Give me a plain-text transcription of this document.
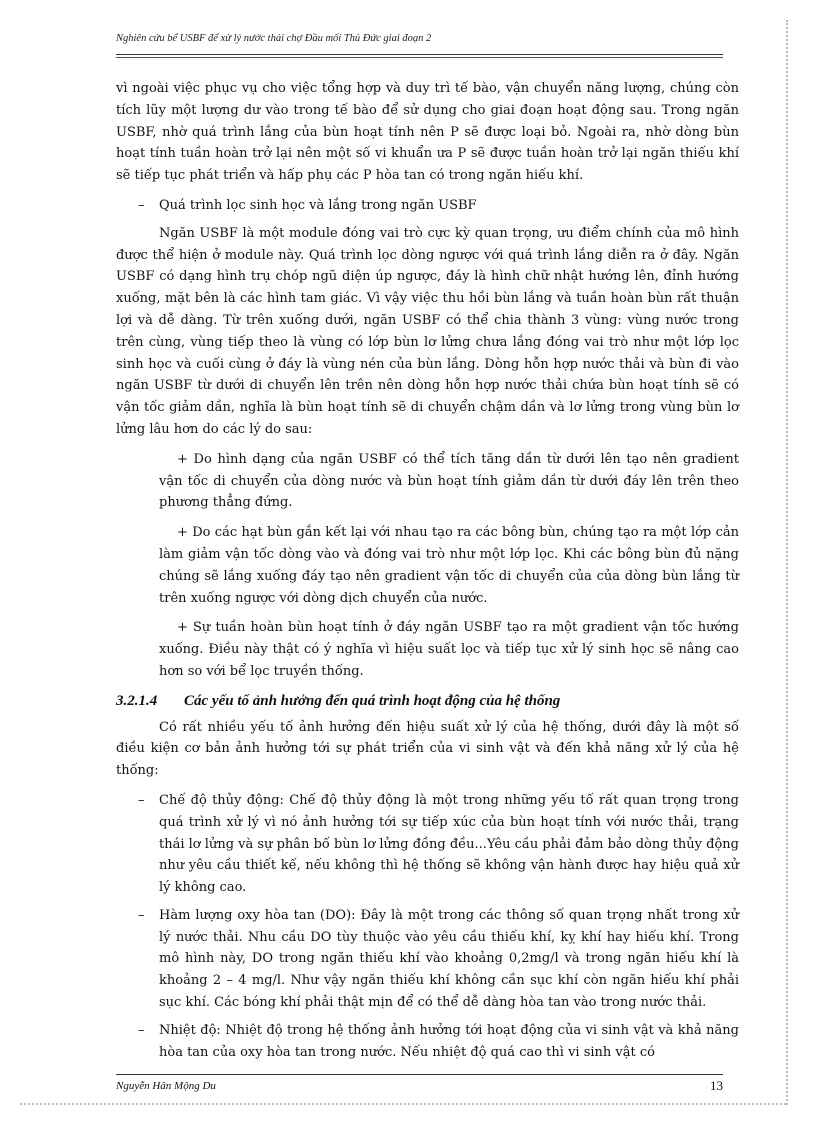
Nghiên cứu bể USBF để xử lý nước thải chợ Đầu mối Thủ Đức giai đoạn 2

vì ngoài việc phục vụ cho việc tổng hợp và duy trì tế bào, vận chuyển năng lượng, chúng còn tích lũy một lượng dư vào trong tế bào để sử dụng cho giai đoạn hoạt động sau. Trong ngăn USBF, nhờ quá trình lắng của bùn hoạt tính nên P sẽ được loại bỏ. Ngoài ra, nhờ dòng bùn hoạt tính tuần hoàn trở lại nên một số vi khuẩn ưa P sẽ được tuần hoàn trở lại ngăn thiếu khí sẽ tiếp tục phát triển và hấp phụ các P hòa tan có trong ngăn hiếu khí.

– Quá trình lọc sinh học và lắng trong ngăn USBF

Ngăn USBF là một module đóng vai trò cực kỳ quan trọng, ưu điểm chính của mô hình được thể hiện ở module này. Quá trình lọc dòng ngược với quá trình lắng diễn ra ở đây. Ngăn USBF có dạng hình trụ chóp ngũ diện úp ngược, đáy là hình chữ nhật hướng lên, đỉnh hướng xuống, mặt bên là các hình tam giác. Vì vậy việc thu hồi bùn lắng và tuần hoàn bùn rất thuận lợi và dễ dàng. Từ trên xuống dưới, ngăn USBF có thể chia thành 3 vùng: vùng nước trong trên cùng, vùng tiếp theo là vùng có lớp bùn lơ lửng chưa lắng đóng vai trò như một lớp lọc sinh học và cuối cùng ở đáy là vùng nén của bùn lắng. Dòng hỗn hợp nước thải và bùn đi vào ngăn USBF từ dưới di chuyển lên trên nên dòng hỗn hợp nước thải chứa bùn hoạt tính sẽ có vận tốc giảm dần, nghĩa là bùn hoạt tính sẽ di chuyển chậm dần và lơ lửng trong vùng bùn lơ lửng lâu hơn do các lý do sau:

+ Do hình dạng của ngăn USBF có thể tích tăng dần từ dưới lên tạo nên gradient vận tốc di chuyển của dòng nước và bùn hoạt tính giảm dần từ dưới đáy lên trên theo phương thẳng đứng.

+ Do các hạt bùn gắn kết lại với nhau tạo ra các bông bùn, chúng tạo ra một lớp cản làm giảm vận tốc dòng vào và đóng vai trò như một lớp lọc. Khi các bông bùn đủ nặng chúng sẽ lắng xuống đáy tạo nên gradient vận tốc di chuyển của của dòng bùn lắng từ trên xuống ngược với dòng dịch chuyển của nước.

+ Sự tuần hoàn bùn hoạt tính ở đáy ngăn USBF tạo ra một gradient vận tốc hướng xuống. Điều này thật có ý nghĩa vì hiệu suất lọc và tiếp tục xử lý sinh học sẽ nâng cao hơn so với bể lọc truyền thống.

3.2.1.4 Các yếu tố ảnh hưởng đến quá trình hoạt động của hệ thống

Có rất nhiều yếu tố ảnh hưởng đến hiệu suất xử lý của hệ thống, dưới đây là một số điều kiện cơ bản ảnh hưởng tới sự phát triển của vi sinh vật và đến khả năng xử lý của hệ thống:

– Chế độ thủy động: Chế độ thủy động là một trong những yếu tố rất quan trọng trong quá trình xử lý vì nó ảnh hưởng tới sự tiếp xúc của bùn hoạt tính với nước thải, trạng thái lơ lửng và sự phân bố bùn lơ lửng đồng đều...Yêu cầu phải đảm bảo dòng thủy động như yêu cầu thiết kế, nếu không thì hệ thống sẽ không vận hành được hay hiệu quả xử lý không cao.
– Hàm lượng oxy hòa tan (DO): Đây là một trong các thông số quan trọng nhất trong xử lý nước thải. Nhu cầu DO tùy thuộc vào yêu cầu thiếu khí, kỵ khí hay hiếu khí. Trong mô hình này, DO trong ngăn thiếu khí vào khoảng 0,2mg/l và trong ngăn hiếu khí là khoảng 2 – 4 mg/l. Như vậy ngăn thiếu khí không cần sục khí còn ngăn hiếu khí phải sục khí. Các bóng khí phải thật mịn để có thể dễ dàng hòa tan vào trong nước thải.
– Nhiệt độ: Nhiệt độ trong hệ thống ảnh hưởng tới hoạt động của vi sinh vật và khả năng hòa tan của oxy hòa tan trong nước. Nếu nhiệt độ quá cao thì vi sinh vật có
Nguyễn Hân Mộng Du	13
